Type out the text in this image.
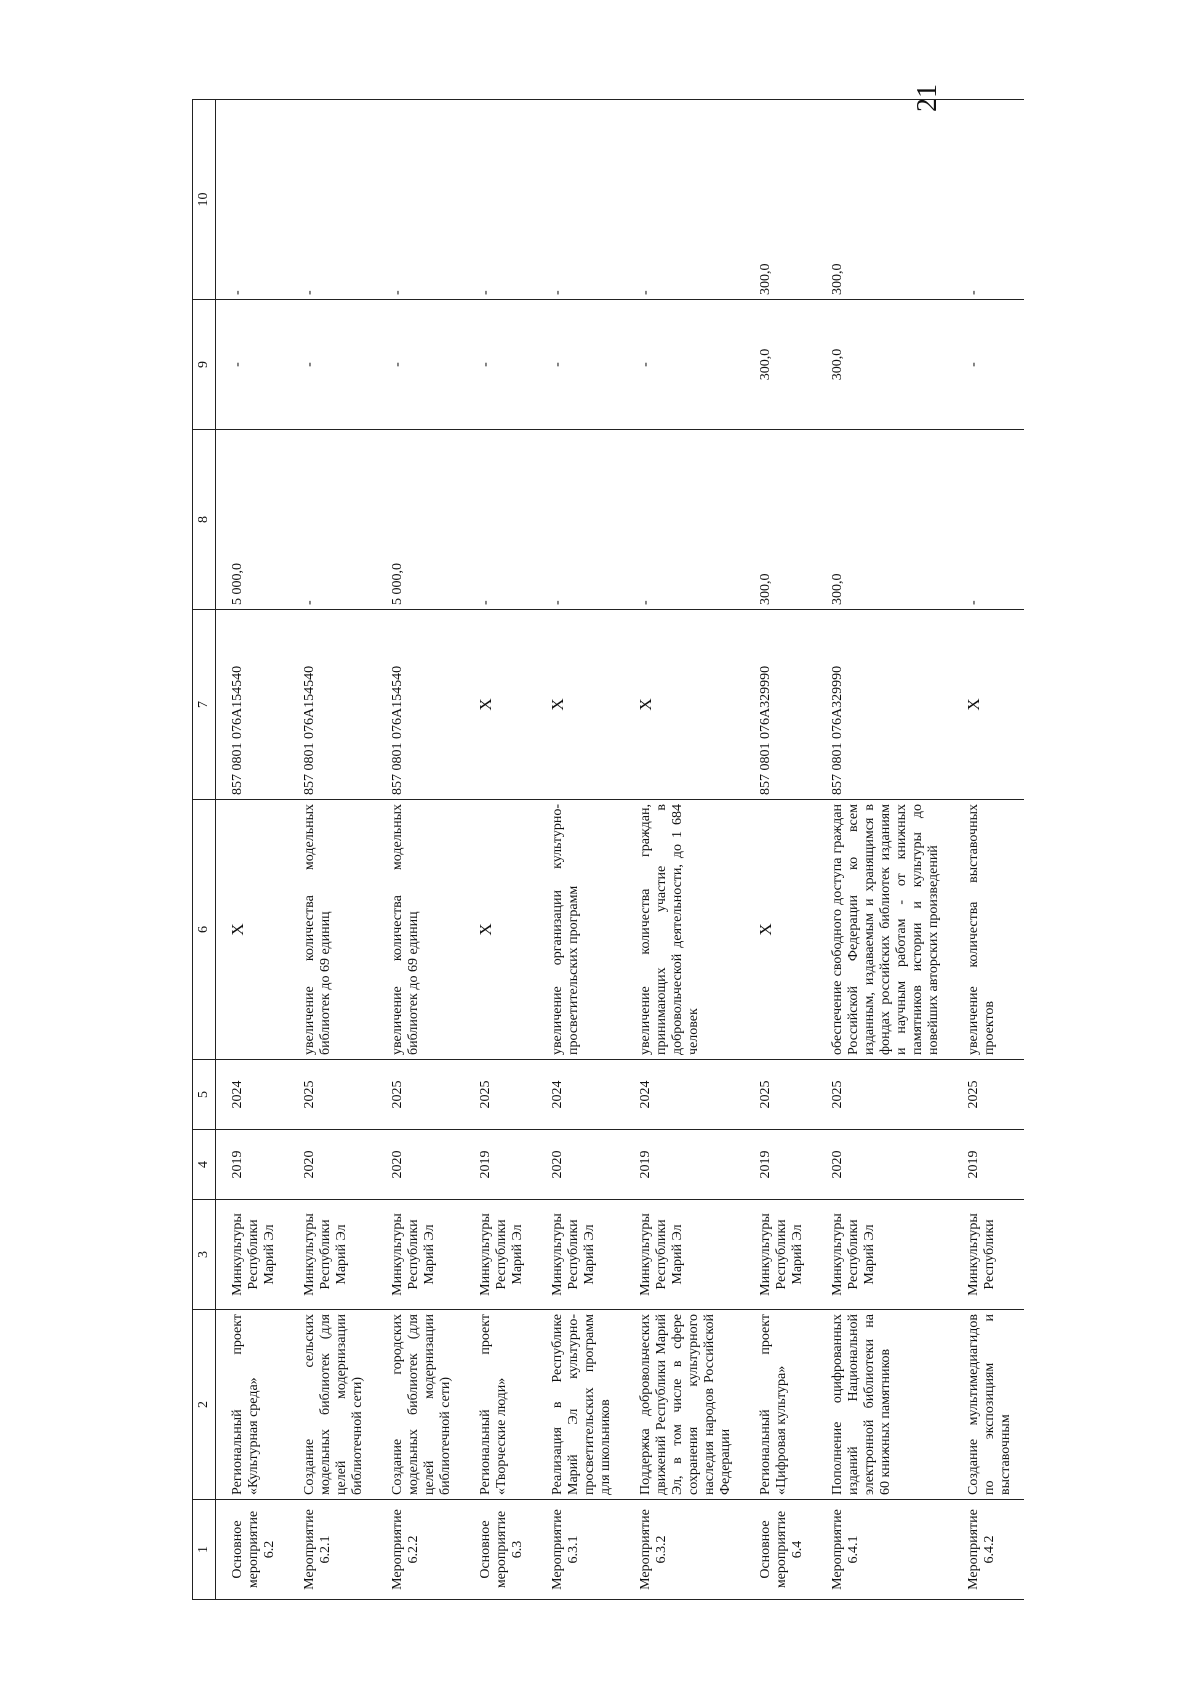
21
1	2	3	4	5	6	7	8	9	10
Основное мероприятие 6.2	Региональный проект «Культурная среда»	Минкультуры Республики Марий Эл	2019	2024	X	857 0801 076А154540	5 000,0	-	-
Мероприятие 6.2.1	Создание сельских модельных библиотек (для целей модернизации библиотечной сети)	Минкультуры Республики Марий Эл	2020	2025	увеличение количества модельных библиотек до 69 единиц	857 0801 076А154540	-	-	-
Мероприятие 6.2.2	Создание городских модельных библиотек (для целей модернизации библиотечной сети)	Минкультуры Республики Марий Эл	2020	2025	увеличение количества модельных библиотек до 69 единиц	857 0801 076А154540	5 000,0	-	-
Основное мероприятие 6.3	Региональный проект «Творческие люди»	Минкультуры Республики Марий Эл	2019	2025	X	X	-	-	-
Мероприятие 6.3.1	Реализация в Республике Марий Эл культурно-просветительских программ для школьников	Минкультуры Республики Марий Эл	2020	2024	увеличение организации культурно-просветительских программ	X	-	-	-
Мероприятие 6.3.2	Поддержка добровольческих движений Республики Марий Эл, в том числе в сфере сохранения культурного наследия народов Российской Федерации	Минкультуры Республики Марий Эл	2019	2024	увеличение количества граждан, принимающих участие в добровольческой деятельности, до 1 684 человек	X	-	-	-
Основное мероприятие 6.4	Региональный проект «Цифровая культура»	Минкультуры Республики Марий Эл	2019	2025	X	857 0801 076А329990	300,0	300,0	300,0
Мероприятие 6.4.1	Пополнение оцифрованных изданий Национальной электронной библиотеки на 60 книжных памятников	Минкультуры Республики Марий Эл	2020	2025	обеспечение свободного доступа граждан Российской Федерации ко всем изданным, издаваемым и хранящимся в фондах российских библиотек изданиям и научным работам - от книжных памятников истории и культуры до новейших авторских произведений	857 0801 076А329990	300,0	300,0	300,0
Мероприятие 6.4.2	Создание мультимедиагидов по экспозициям и выставочным	Минкультуры Республики	2019	2025	увеличение количества выставочных проектов	X	-	-	-
